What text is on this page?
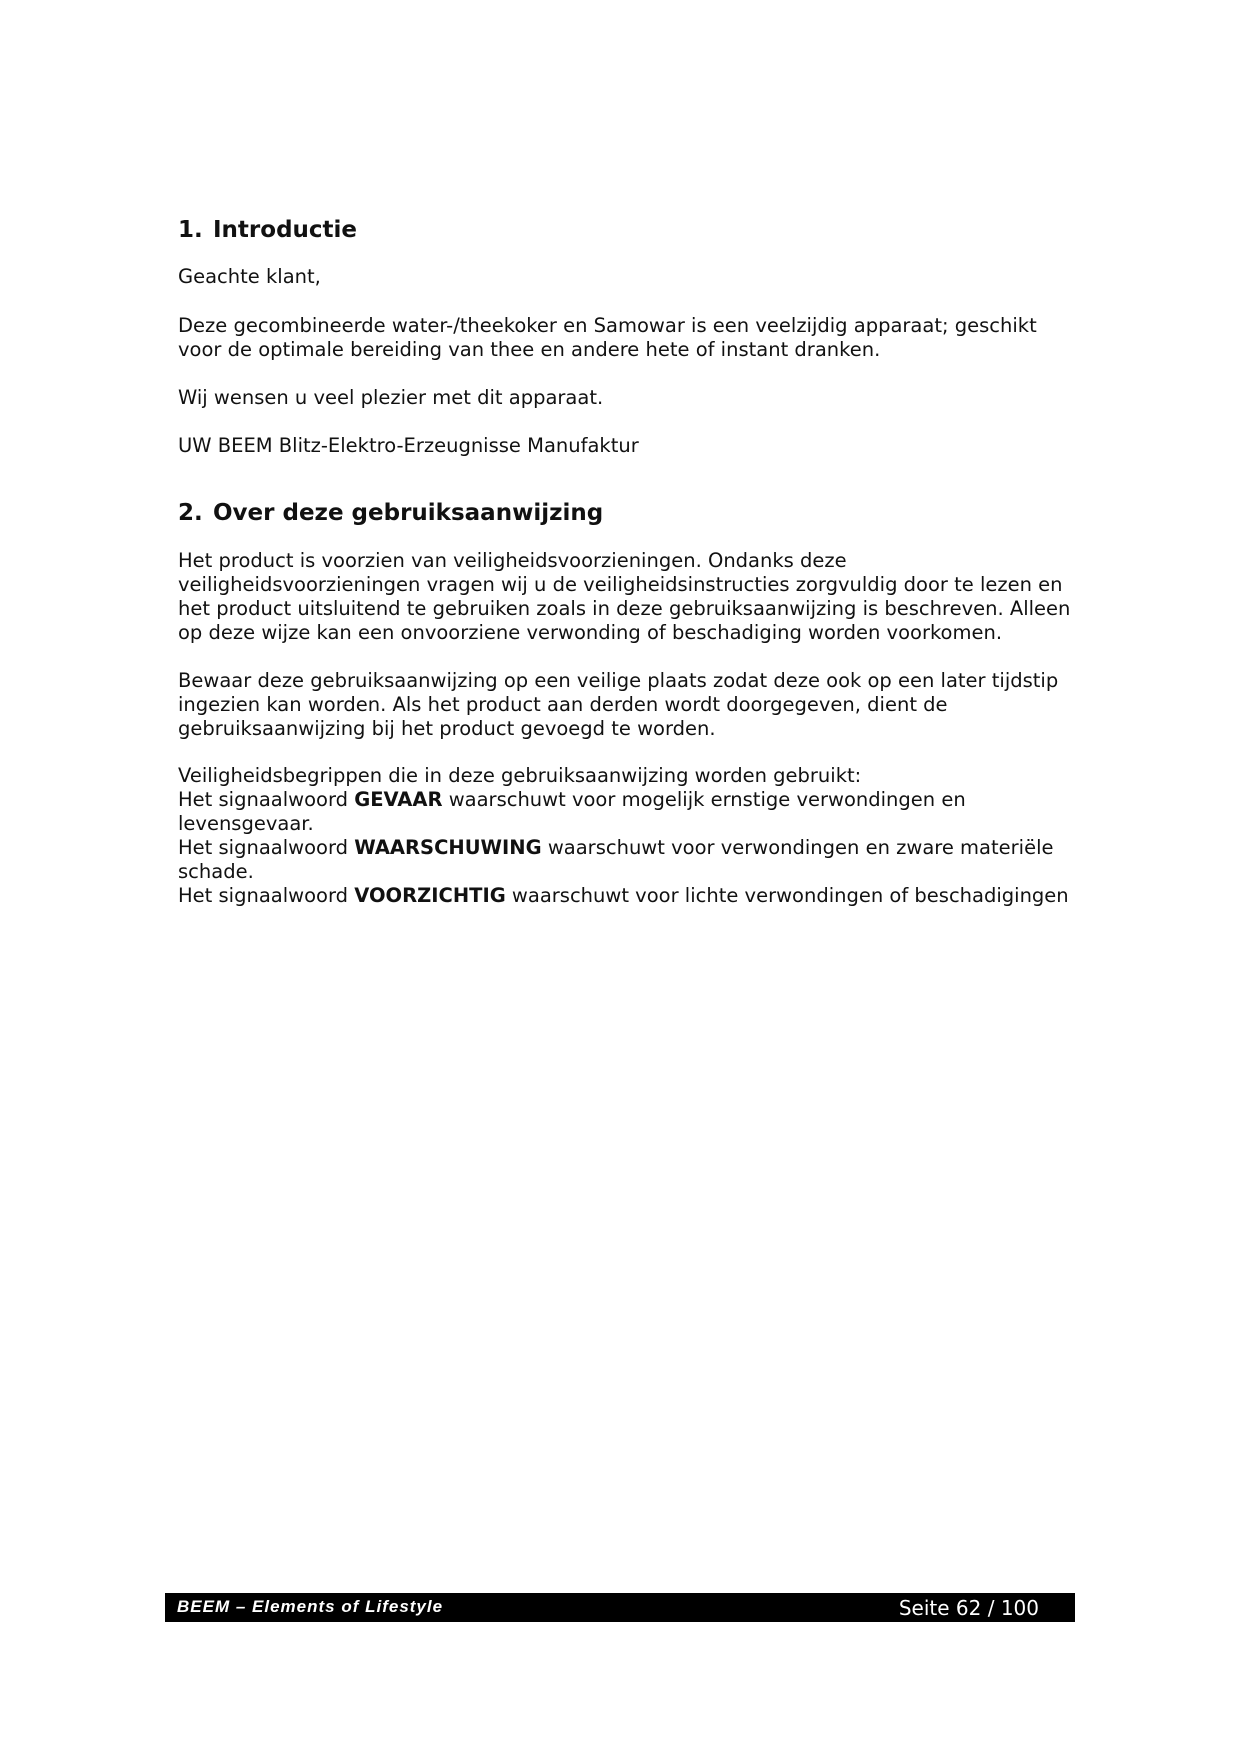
1. Introductie

Geachte klant,

Deze gecombineerde water-/theekoker en Samowar is een veelzijdig apparaat; geschikt voor de optimale bereiding van thee en andere hete of instant dranken.

Wij wensen u veel plezier met dit apparaat.

UW BEEM Blitz-Elektro-Erzeugnisse Manufaktur

2. Over deze gebruiksaanwijzing

Het product is voorzien van veiligheidsvoorzieningen. Ondanks deze veiligheidsvoorzieningen vragen wij u de veiligheidsinstructies zorgvuldig door te lezen en het product uitsluitend te gebruiken zoals in deze gebruiksaanwijzing is beschreven. Alleen op deze wijze kan een onvoorziene verwonding of beschadiging worden voorkomen.

Bewaar deze gebruiksaanwijzing op een veilige plaats zodat deze ook op een later tijdstip ingezien kan worden. Als het product aan derden wordt doorgegeven, dient de gebruiksaanwijzing bij het product gevoegd te worden.

Veiligheidsbegrippen die in deze gebruiksaanwijzing worden gebruikt:
Het signaalwoord GEVAAR waarschuwt voor mogelijk ernstige verwondingen en levensgevaar.
Het signaalwoord WAARSCHUWING waarschuwt voor verwondingen en zware materiële schade.
Het signaalwoord VOORZICHTIG waarschuwt voor lichte verwondingen of beschadigingen
BEEM – Elements of Lifestyle	Seite 62 / 100
